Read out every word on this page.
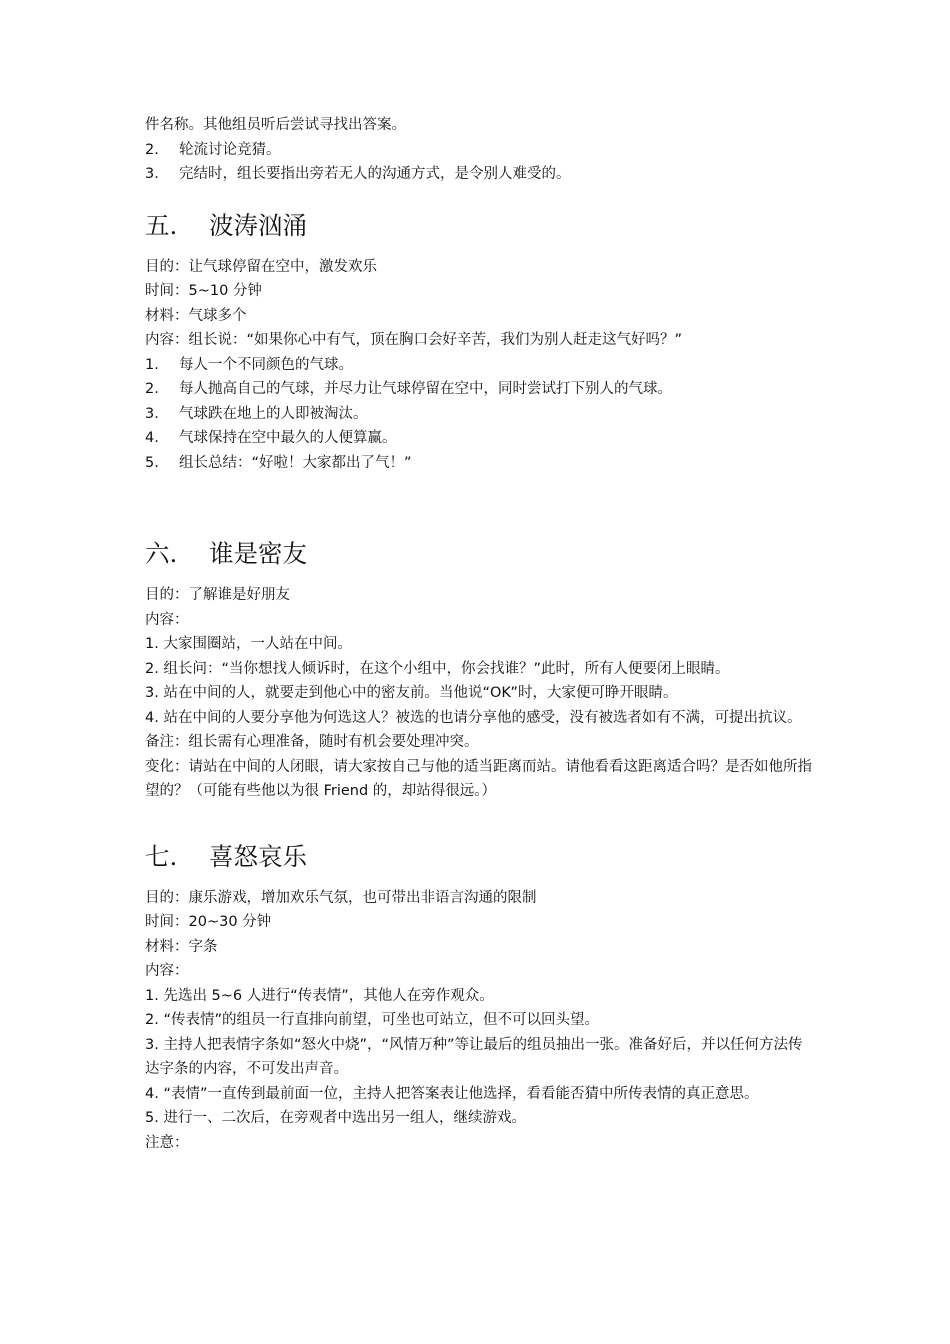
件名称。其他组员听后尝试寻找出答案。
2.	轮流讨论竞猜。
3.	完结时，组长要指出旁若无人的沟通方式，是令别人难受的。
五.	波涛汹涌
目的：让气球停留在空中，激发欢乐
时间：5~10 分钟
材料：气球多个
内容：组长说：“如果你心中有气，顶在胸口会好辛苦，我们为别人赶走这气好吗？”
1.	每人一个不同颜色的气球。
2.	每人抛高自己的气球，并尽力让气球停留在空中，同时尝试打下别人的气球。
3.	气球跌在地上的人即被淘汰。
4.	气球保持在空中最久的人便算赢。
5.	组长总结：“好啦！大家都出了气！”
六.	谁是密友
目的：了解谁是好朋友
内容：
1. 大家围圈站，一人站在中间。
2. 组长问：“当你想找人倾诉时，在这个小组中，你会找谁？”此时，所有人便要闭上眼睛。
3. 站在中间的人，就要走到他心中的密友前。当他说“OK”时，大家便可睁开眼睛。
4. 站在中间的人要分享他为何选这人？被选的也请分享他的感受，没有被选者如有不满，可提出抗议。
备注：组长需有心理准备，随时有机会要处理冲突。
变化：请站在中间的人闭眼，请大家按自己与他的适当距离而站。请他看看这距离适合吗？是否如他所指望的？（可能有些他以为很 Friend 的，却站得很远。）
七.	喜怒哀乐
目的：康乐游戏，增加欢乐气氛，也可带出非语言沟通的限制
时间：20~30 分钟
材料：字条
内容：
1. 先选出 5~6 人进行“传表情”，其他人在旁作观众。
2. “传表情”的组员一行直排向前望，可坐也可站立，但不可以回头望。
3. 主持人把表情字条如“怒火中烧”，“风情万种”等让最后的组员抽出一张。准备好后，并以任何方法传达字条的内容，不可发出声音。
4. “表情”一直传到最前面一位，主持人把答案表让他选择，看看能否猜中所传表情的真正意思。
5. 进行一、二次后，在旁观者中选出另一组人，继续游戏。
注意：
